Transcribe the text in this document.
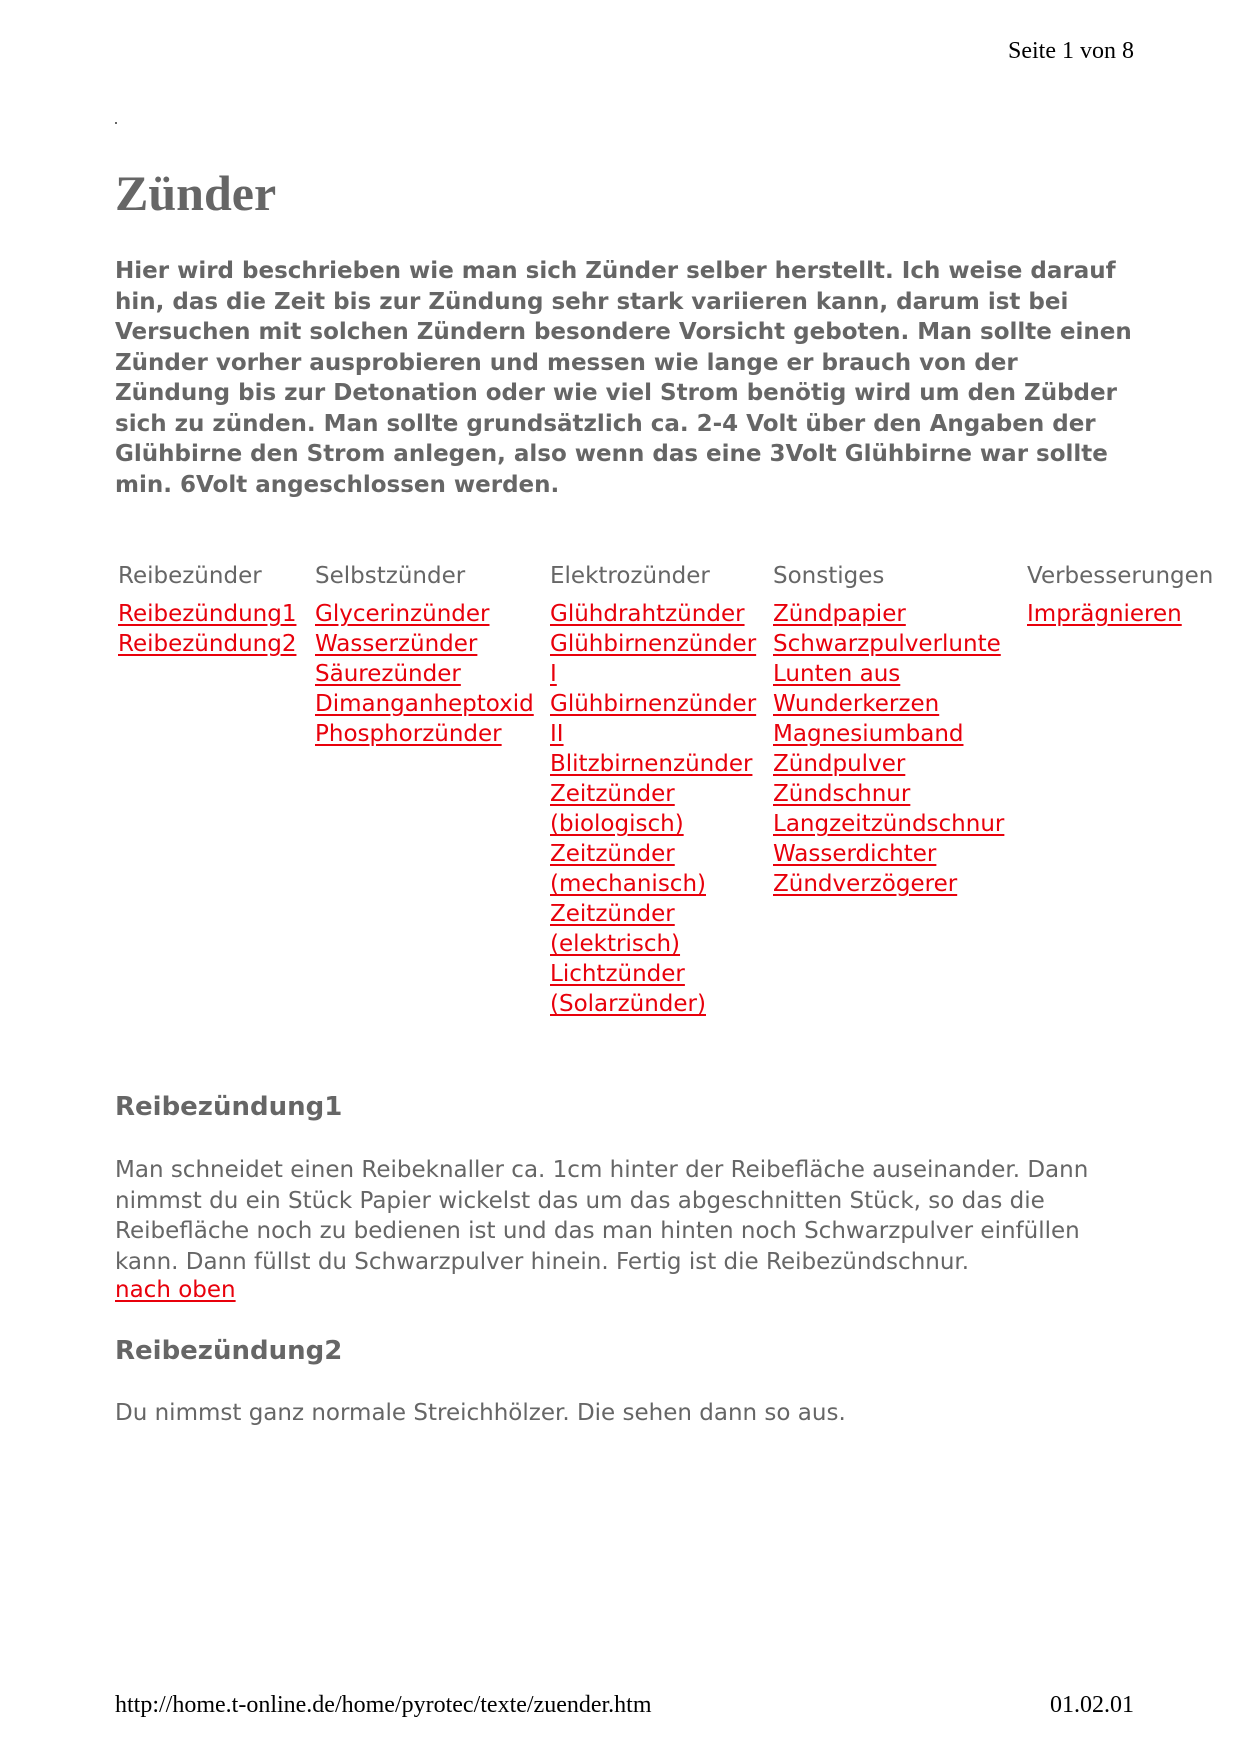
Seite 1 von 8
Zünder

Hier wird beschrieben wie man sich Zünder selber herstellt. Ich weise darauf hin, das die Zeit bis zur Zündung sehr stark variieren kann, darum ist bei Versuchen mit solchen Zündern besondere Vorsicht geboten. Man sollte einen Zünder vorher ausprobieren und messen wie lange er brauch von der Zündung bis zur Detonation oder wie viel Strom benötig wird um den Zübder sich zu zünden. Man sollte grundsätzlich ca. 2-4 Volt über den Angaben der Glühbirne den Strom anlegen, also wenn das eine 3Volt Glühbirne war sollte min. 6Volt angeschlossen werden.

Reibezünder
Reibezündung1
Reibezündung2
Selbstzünder
Glycerinzünder
Wasserzünder
Säurezünder
Dimanganheptoxid
Phosphorzünder
Elektrozünder
Glühdrahtzünder
Glühbirnenzünder I
Glühbirnenzünder II
Blitzbirnenzünder
Zeitzünder (biologisch)
Zeitzünder (mechanisch)
Zeitzünder (elektrisch)
Lichtzünder (Solarzünder)
Sonstiges
Zündpapier
Schwarzpulverlunte
Lunten aus
Wunderkerzen
Magnesiumband
Zündpulver
Zündschnur
Langzeitzündschnur
Wasserdichter
Zündverzögerer
Verbesserungen
Imprägnieren
Reibezündung1

Man schneidet einen Reibeknaller ca. 1cm hinter der Reibefläche auseinander. Dann nimmst du ein Stück Papier wickelst das um das abgeschnitten Stück, so das die Reibefläche noch zu bedienen ist und das man hinten noch Schwarzpulver einfüllen kann. Dann füllst du Schwarzpulver hinein. Fertig ist die Reibezündschnur.

nach oben
Reibezündung2

Du nimmst ganz normale Streichhölzer. Die sehen dann so aus.

http://home.t-online.de/home/pyrotec/texte/zuender.htm	01.02.01
